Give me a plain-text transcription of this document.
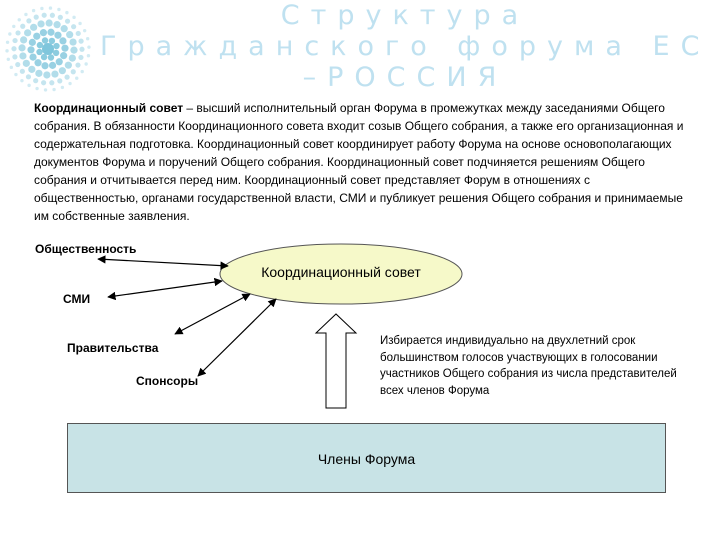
Структура
Гражданского форума ЕС
–РОССИЯ
Координационный совет – высший исполнительный орган Форума в промежутках между заседаниями Общего собрания. В обязанности Координационного совета входит созыв Общего собрания, а также его организационная и содержательная подготовка. Координационный совет координирует работу Форума на основе основополагающих документов Форума и поручений Общего собрания. Координационный совет подчиняется решениям Общего собрания и отчитывается перед ним. Координационный совет представляет Форум в отношениях с общественностью, органами государственной власти, СМИ и публикует решения Общего собрания и принимаемые им собственные заявления.
Координационный совет
Общественность
СМИ
Правительства
Спонсоры
Избирается индивидуально на двухлетний срок большинством голосов участвующих в голосовании участников Общего собрания из числа представителей всех членов Форума
Члены Форума
